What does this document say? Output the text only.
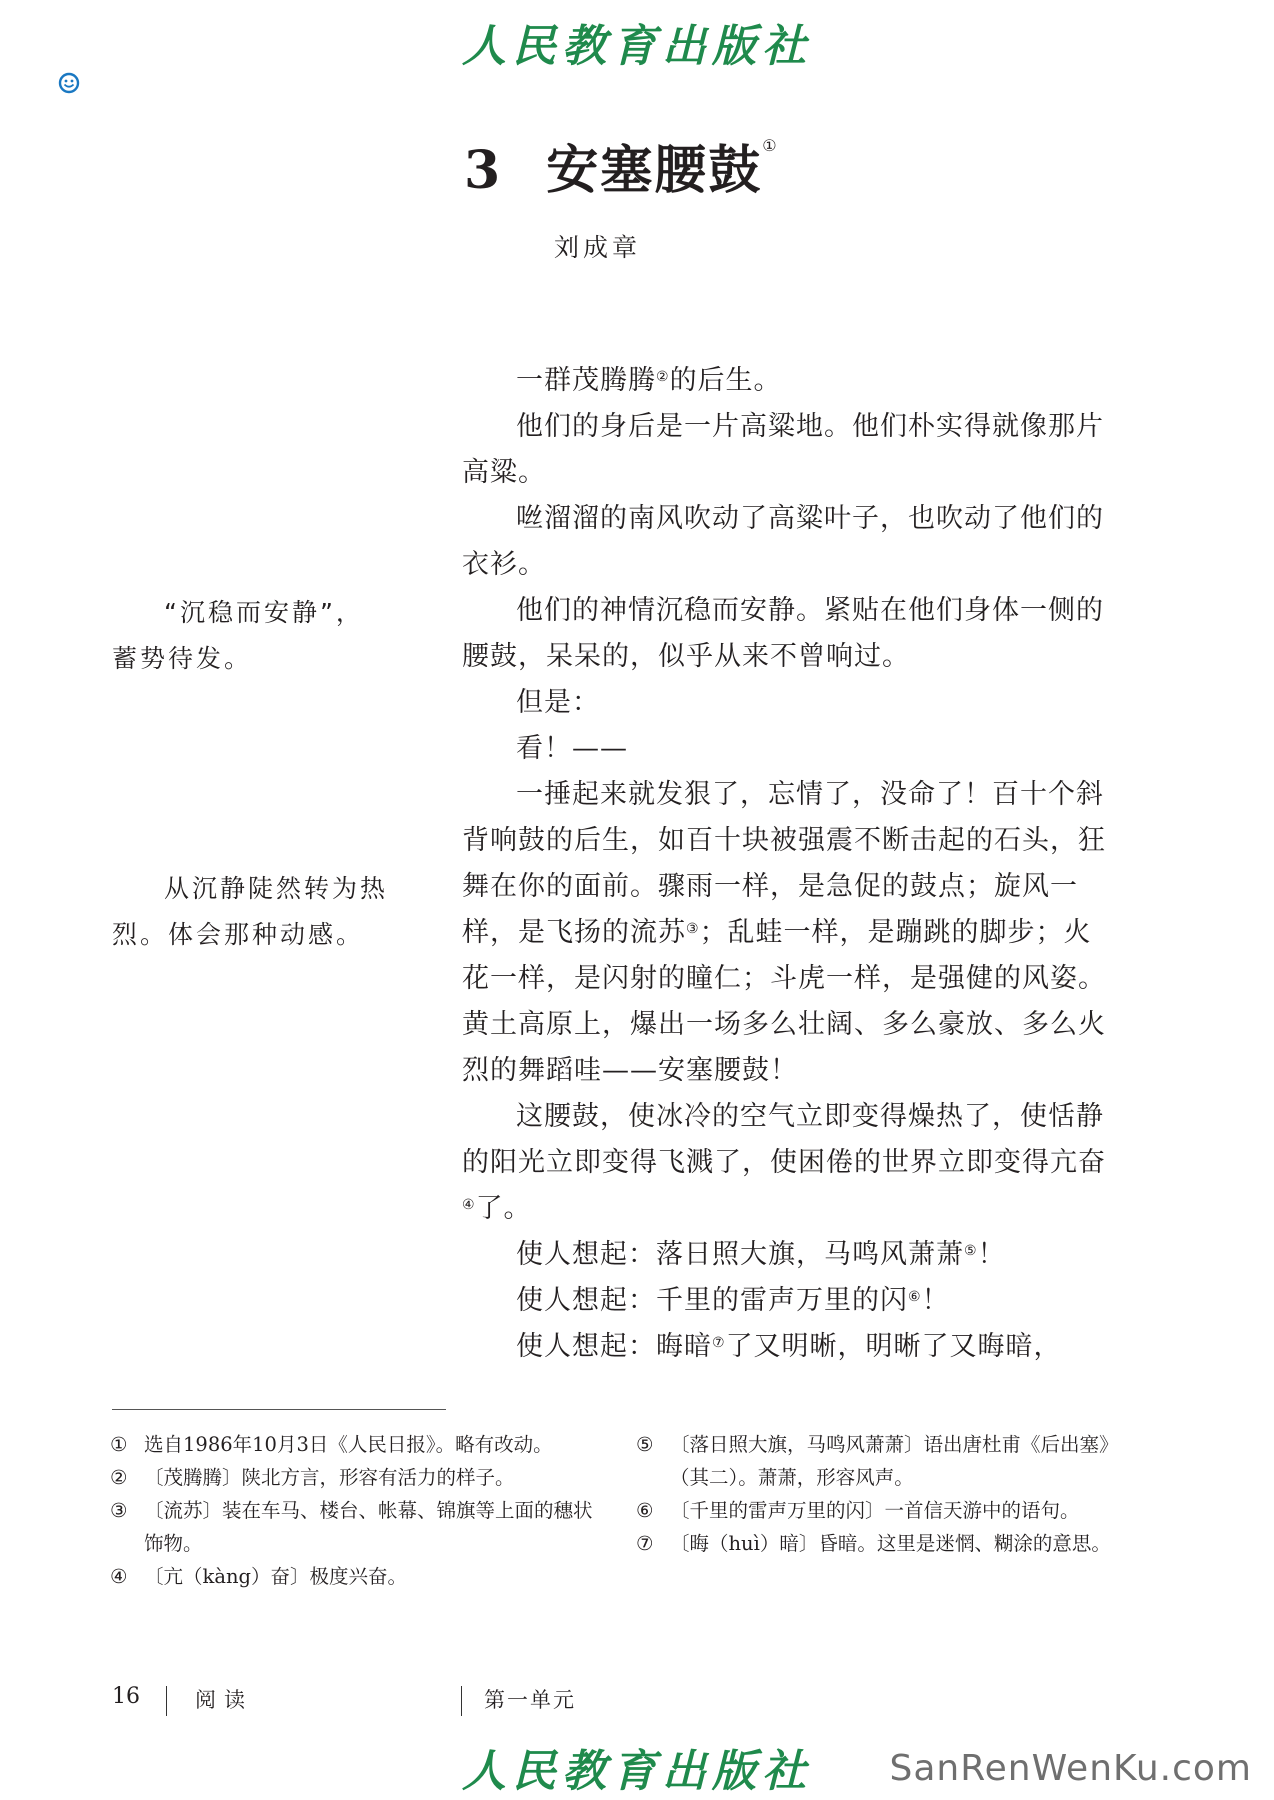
人民教育出版社
3 安塞腰鼓①
刘成章
“沉稳而安静”，
蓄势待发。
从沉静陡然转为热
烈。体会那种动感。

一群茂腾腾②的后生。

他们的身后是一片高粱地。他们朴实得就像那片高粱。

咝溜溜的南风吹动了高粱叶子，也吹动了他们的衣衫。

他们的神情沉稳而安静。紧贴在他们身体一侧的腰鼓，呆呆的，似乎从来不曾响过。

但是：

看！——

一捶起来就发狠了，忘情了，没命了！百十个斜背响鼓的后生，如百十块被强震不断击起的石头，狂舞在你的面前。骤雨一样，是急促的鼓点；旋风一样，是飞扬的流苏③；乱蛙一样，是蹦跳的脚步；火花一样，是闪射的瞳仁；斗虎一样，是强健的风姿。黄土高原上，爆出一场多么壮阔、多么豪放、多么火烈的舞蹈哇——安塞腰鼓！

这腰鼓，使冰冷的空气立即变得燥热了，使恬静的阳光立即变得飞溅了，使困倦的世界立即变得亢奋④了。

使人想起：落日照大旗，马鸣风萧萧⑤！

使人想起：千里的雷声万里的闪⑥！

使人想起：晦暗⑦了又明晰，明晰了又晦暗，

① 选自1986年10月3日《人民日报》。略有改动。
② 〔茂腾腾〕陕北方言，形容有活力的样子。
③ 〔流苏〕装在车马、楼台、帐幕、锦旗等上面的穗状饰物。
④ 〔亢（kàng）奋〕极度兴奋。
⑤ 〔落日照大旗，马鸣风萧萧〕语出唐杜甫《后出塞》（其二）。萧萧，形容风声。
⑥ 〔千里的雷声万里的闪〕一首信天游中的语句。
⑦ 〔晦（huì）暗〕昏暗。这里是迷惘、糊涂的意思。
16	阅读	第一单元
人民教育出版社	SanRenWenKu.com
